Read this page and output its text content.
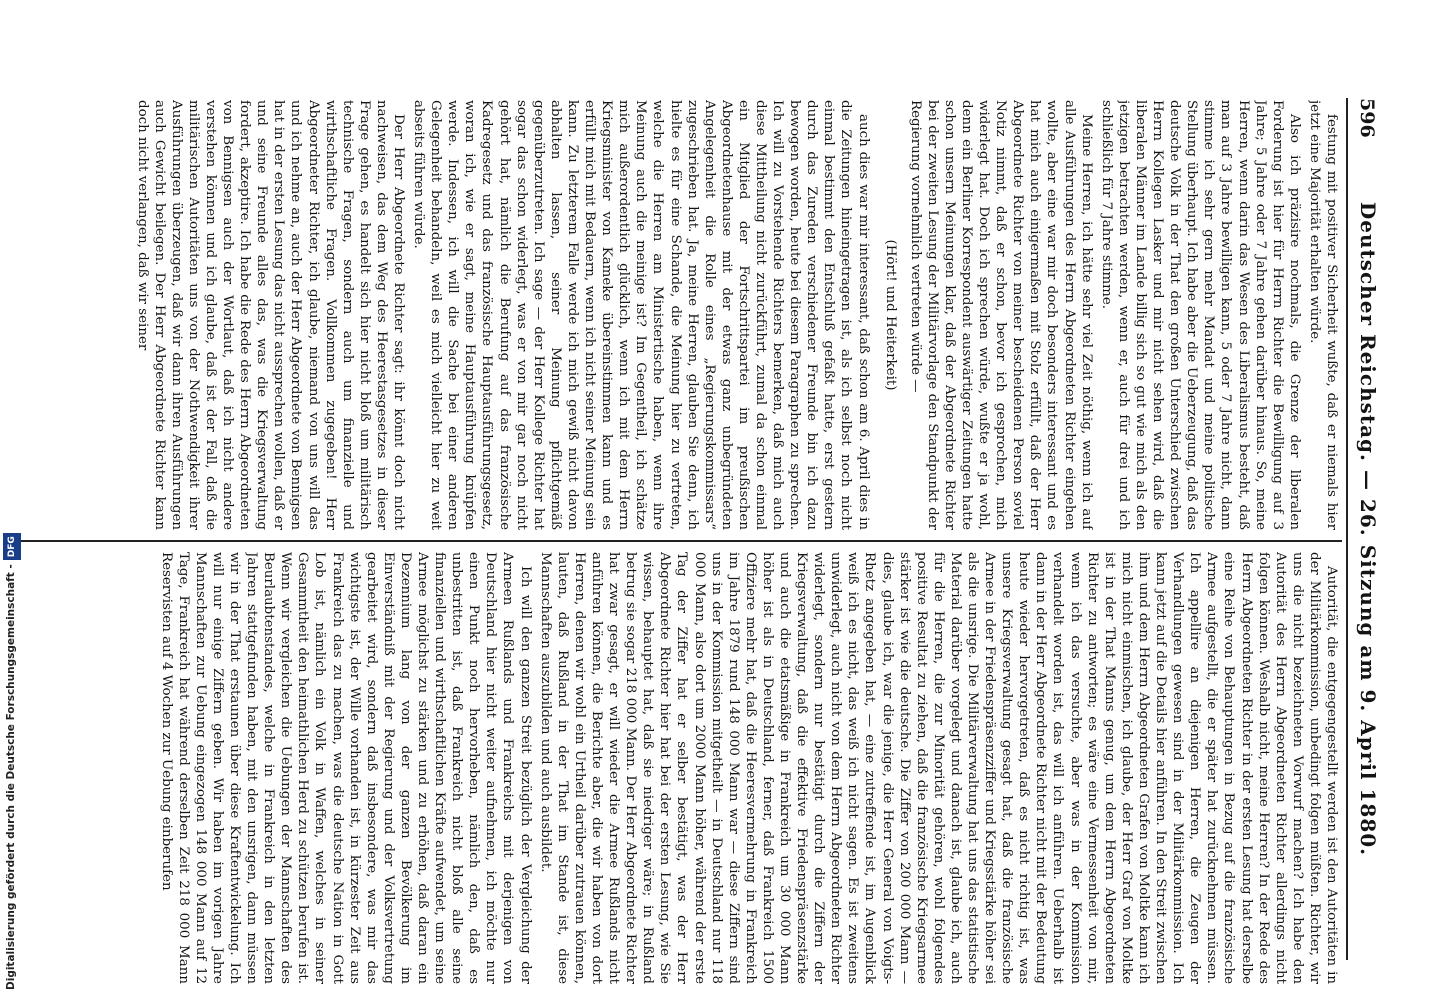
596
Deutscher Reichstag. — 26. Sitzung am 9. April 1880.

festung mit positiver Sicherheit wußte, daß er niemals hier jetzt eine Majorität erhalten würde.

Also ich präzisire nochmals, die Grenze der liberalen Forderung ist hier für Herrn Richter die Bewilligung auf 3 Jahre; 5 Jahre oder 7 Jahre gehen darüber hinaus. So, meine Herren, wenn darin das Wesen des Liberalismus besteht, daß man auf 3 Jahre bewilligen kann, 5 oder 7 Jahre nicht, dann stimme ich sehr gern mehr Mandat und meine politische Stellung überhaupt. Ich habe aber die Ueberzeugung, daß das deutsche Volk in der That den großen Unterschied zwischen Herrn Kollegen Lasker und mir nicht sehen wird, daß die liberalen Männer im Lande billig sich so gut wie mich als den jetzigen betrachten werden, wenn er, auch für drei und ich schließlich für 7 Jahre stimme.

Meine Herren, ich hätte sehr viel Zeit nöthig, wenn ich auf alle Ausführungen des Herrn Abgeordneten Richter eingehen wollte, aber eine war mir doch besonders interessant und es hat mich auch einigermaßen mit Stolz erfüllt, daß der Herr Abgeordnete Richter von meiner bescheidenen Person soviel Notiz nimmt, daß er schon, bevor ich gesprochen, mich widerlegt hat. Doch ich sprechen würde, wußte er ja wohl, denn ein Berliner Korrespondent auswärtiger Zeitungen hatte schon unsern Meinungen klar, daß der Abgeordnete Richter bei der zweiten Lesung der Militärvorlage den Standpunkt der Regierung vornehmlich vertreten würde —

(Hört! und Heiterkeit)

auch dies war mir interessant, daß schon am 6. April dies in die Zeitungen hineingetragen ist, als ich selbst noch nicht einmal bestimmt den Entschluß gefaßt hatte, erst gestern durch das Zureden verschiedener Freunde bin ich dazu bewogen worden, heute bei diesem Paragraphen zu sprechen. Ich will zu Vorstehende Richters bemerken, daß mich auch diese Mittheilung nicht zurückführt, zumal da schon einmal ein Mitglied der Fortschrittspartei im preußischen Abgeordnetenhause mit der etwas ganz unbegründeten Angelegenheit die Rolle eines „Regierungskommissars“ zugeschrieben hat. Ja, meine Herren, glauben Sie denn, ich hielte es für eine Schande, die Meinung hier zu vertreten, welche die Herren am Ministertische haben, wenn ihre Meinung auch die meinige ist? Im Gegentheil, ich schätze mich außerordentlich glücklich, wenn ich mit dem Herrn Kriegsminister von Kameke übereinstimmen kann und es erfüllt mich mit Bedauern, wenn ich nicht seiner Meinung sein kann. Zu letzterem Falle werde ich mich gewiß nicht davon abhalten lassen, seiner Meinung pflichtgemäß gegenüberzutreten. Ich sage — der Herr Kollege Richter hat sogar das schon widerlegt, was er von mir gar noch nicht gehört hat, nämlich die Berufung auf das französische Kadregesetz und das französische Hauptausführungsgesetz, woran ich, wie er sagt, meine Hauptausführung knüpfen werde. Indessen, ich will die Sache bei einer anderen Gelegenheit behandeln, weil es mich vielleicht hier zu weit abseits führen würde.

Der Herr Abgeordnete Richter sagt: ihr könnt doch nicht nachweisen, das dem Weg des Heerestasgesetzes in dieser Frage gehen, es handelt sich hier nicht bloß um militärisch technische Fragen, sondern auch um finanzielle und wirthschaftliche Fragen. Vollkommen zugegeben! Herr Abgeordneter Richter, ich glaube, niemand von uns will das und ich nehme an, auch der Herr Abgeordnete von Bennigsen hat in der ersten Lesung das nicht aussprechen wollen, daß er und seine Freunde alles das, was die Kriegsverwaltung fordert, akzeptire. Ich habe die Rede des Herrn Abgeordneten von Bennigsen auch der Wortlaut, daß ich nicht andere verstehen können und ich glaube, daß ist der Fall, daß die militärischen Autoritäten uns von der Nothwendigkeit ihrer Ausführungen überzeugen, daß wir dann ihren Ausführungen auch Gewicht beilegen. Der Herr Abgeordnete Richter kann doch nicht verlangen, daß wir seiner

Autorität, die entgegengestellt werden ist den Autoritäten in der Militärkommission, unbedingt folgen müßten. Richter, wir uns die nicht bezeichneten Vorwurf machen? Ich habe den Autorität des Herrn Abgeordneten Richter allerdings nicht folgen können. Weshalb nicht, meine Herren? In der Rede des Herrn Abgeordneten Richter in der ersten Lesung hat derselbe eine Reihe von Behauptungen in Bezug auf die französische Armee aufgestellt, die er später hat zurücknehmen müssen. Ich appellire an diejenigen Herren, die Zeugen der Verhandlungen gewesen sind in der Militärkommission. Ich kann jetzt auf die Details hier anführen. In den Streit zwischen ihm und dem Herrn Abgeordneten Grafen von Moltke kann ich mich nicht einmischen, ich glaube, der Herr Graf von Moltke ist in der That Manns genug, um dem Herrn Abgeordneten Richter zu antworten; es wäre eine Vermessenheit von mir, wenn ich das versuchte, aber was in der Kommission verhandelt worden ist, das will ich anführen. Ueberhalb ist dann in der Herr Abgeordnete Richter nicht mit der Bedeutung heute wieder hervorgetreten, daß es nicht richtig ist, was unsere Kriegsverwaltung gesagt hat, daß die französische Armee in der Friedenspräsenzziffer und Kriegsstärke höher sei als die unsrige. Die Militärverwaltung hat uns das statistische Material darüber vorgelegt und danach ist, glaube ich, auch für die Herren, die zur Minorität gehören, wohl folgendes positive Resultat zu ziehen, daß die französische Kriegsarmee stärker ist wie die deutsche. Die Ziffer von 200 000 Mann — dies, glaube ich, war die jenige, die Herr General von Voigts-Rhetz angegeben hat, — eine zutreffende ist, im Augenblick weiß ich es nicht, das weiß ich nicht sagen. Es ist zweitens unwiderlegt, auch nicht von dem Herrn Abgeordneten Richter widerlegt, sondern nur bestätigt durch die Ziffern der Kriegsverwaltung, daß die effektive Friedenspräsenzstärke und auch die etatsmäßige in Frankreich um 30 000 Mann höher ist als in Deutschland, ferner, daß Frankreich 1500 Offiziere mehr hat, daß die Heeresvermehrung in Frankreich im Jahre 1879 rund 148 000 Mann war — diese Ziffern sind uns in der Kommission mitgetheilt — in Deutschland nur 118 000 Mann, also dort um 2000 Mann höher, während der erste Tag der Ziffer hat er selber bestätigt, was der Herr Abgeordnete Richter hier hat bei der ersten Lesung, wie Sie wissen, behauptet hat, daß sie niedriger wäre; in Rußland betrug sie sogar 218 000 Mann. Der Herr Abgeordnete Richter hat zwar gesagt, er will wieder die Armee Rußlands nicht anführen können, die Berichte aber, die wir haben von dort Herren, denen wir wohl ein Urtheil darüber zutrauen können, lauten, daß Rußland in der That im Stande ist, diese Mannschaften auszubilden und auch ausbildet.

Ich will den ganzen Streit bezüglich der Vergleichung der Armeen Rußlands und Frankreichs mit derjenigen von Deutschland hier nicht weiter aufnehmen, ich möchte nur einen Punkt noch hervorheben, nämlich den, daß es unbestritten ist, daß Frankreich nicht bloß alle seine finanziellen und wirthschaftlichen Kräfte aufwendet, um seine Armee möglichst zu stärken und zu erhöhen, daß daran ein Dezennium lang von der ganzen Bevölkerung im Einverständniß mit der Regierung und der Volksvertretung gearbeitet wird, sondern daß insbesondere, was mir das wichtigste ist, der Wille vorhanden ist, in kürzester Zeit aus Frankreich das zu machen, was die deutsche Nation in Gott Lob ist, nämlich ein Volk in Waffen, welches in seiner Gesammtheit den heimathlichen Herd zu schützen berufen ist. Wenn wir vergleichen die Uebungen der Mannschaften des Beurlaubtenstandes, welche in Frankreich in den letzten Jahren stattgefunden haben, mit den unsrigen, dann müssen wir in der That erstaunen über diese Kraftentwickelung. Ich will nur einige Ziffern geben. Wir haben im vorigen Jahre Mannschaften zur Uebung eingezogen 148 000 Mann auf 12 Tage, Frankreich hat während derselben Zeit 218 000 Mann Reservisten auf 4 Wochen zur Uebung einberufen

Digitalisierung gefördert durch die Deutsche Forschungsgemeinschaft -DFG
